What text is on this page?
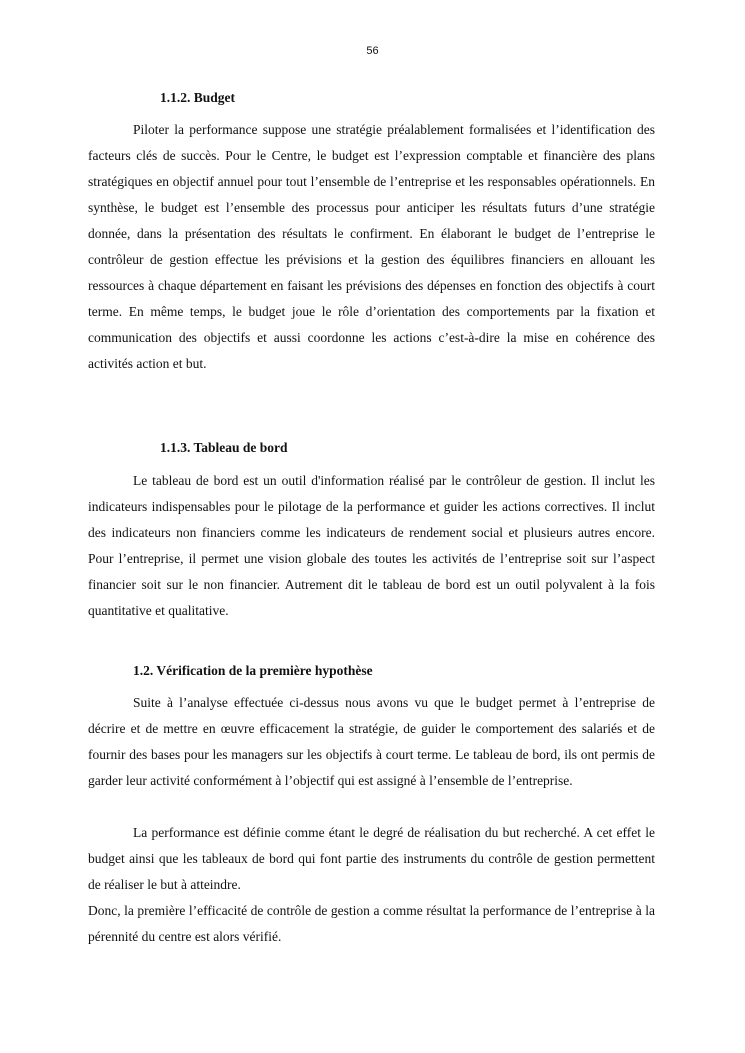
56
1.1.2. Budget

Piloter la performance suppose une stratégie préalablement formalisées et l’identification des facteurs clés de succès. Pour le Centre, le budget est l’expression comptable et financière des plans stratégiques en objectif annuel pour tout l’ensemble de l’entreprise et les responsables opérationnels. En synthèse, le budget est l’ensemble des processus pour anticiper les résultats futurs d’une stratégie donnée, dans la présentation des résultats le confirment. En élaborant le budget de l’entreprise le contrôleur de gestion effectue les prévisions et la gestion des équilibres financiers en allouant les ressources à chaque département en faisant les prévisions des dépenses en fonction des objectifs à court terme. En même temps, le budget joue le rôle d’orientation des comportements par la fixation et communication des objectifs et aussi coordonne les actions c’est-à-dire la mise en cohérence des activités action et but.

1.1.3. Tableau de bord

Le tableau de bord est un outil d'information réalisé par le contrôleur de gestion. Il inclut les indicateurs indispensables pour le pilotage de la performance et guider les actions correctives. Il inclut des indicateurs non financiers comme les indicateurs de rendement social et plusieurs autres encore. Pour l’entreprise, il permet une vision globale des toutes les activités de l’entreprise soit sur l’aspect financier soit sur le non financier. Autrement dit le tableau de bord est un outil polyvalent à la fois quantitative et qualitative.

1.2. Vérification de la première hypothèse

Suite à l’analyse effectuée ci-dessus nous avons vu que le budget permet à l’entreprise de décrire et de mettre en œuvre efficacement la stratégie, de guider le comportement des salariés et de fournir des bases pour les managers sur les objectifs à court terme. Le tableau de bord, ils ont permis de garder leur activité conformément à l’objectif qui est assigné à l’ensemble de l’entreprise.

La performance est définie comme étant le degré de réalisation du but recherché. A cet effet le budget ainsi que les tableaux de bord qui font partie des instruments du contrôle de gestion permettent de réaliser le but à atteindre.

Donc, la première l’efficacité de contrôle de gestion a comme résultat la performance de l’entreprise à la pérennité du centre est alors vérifié.
